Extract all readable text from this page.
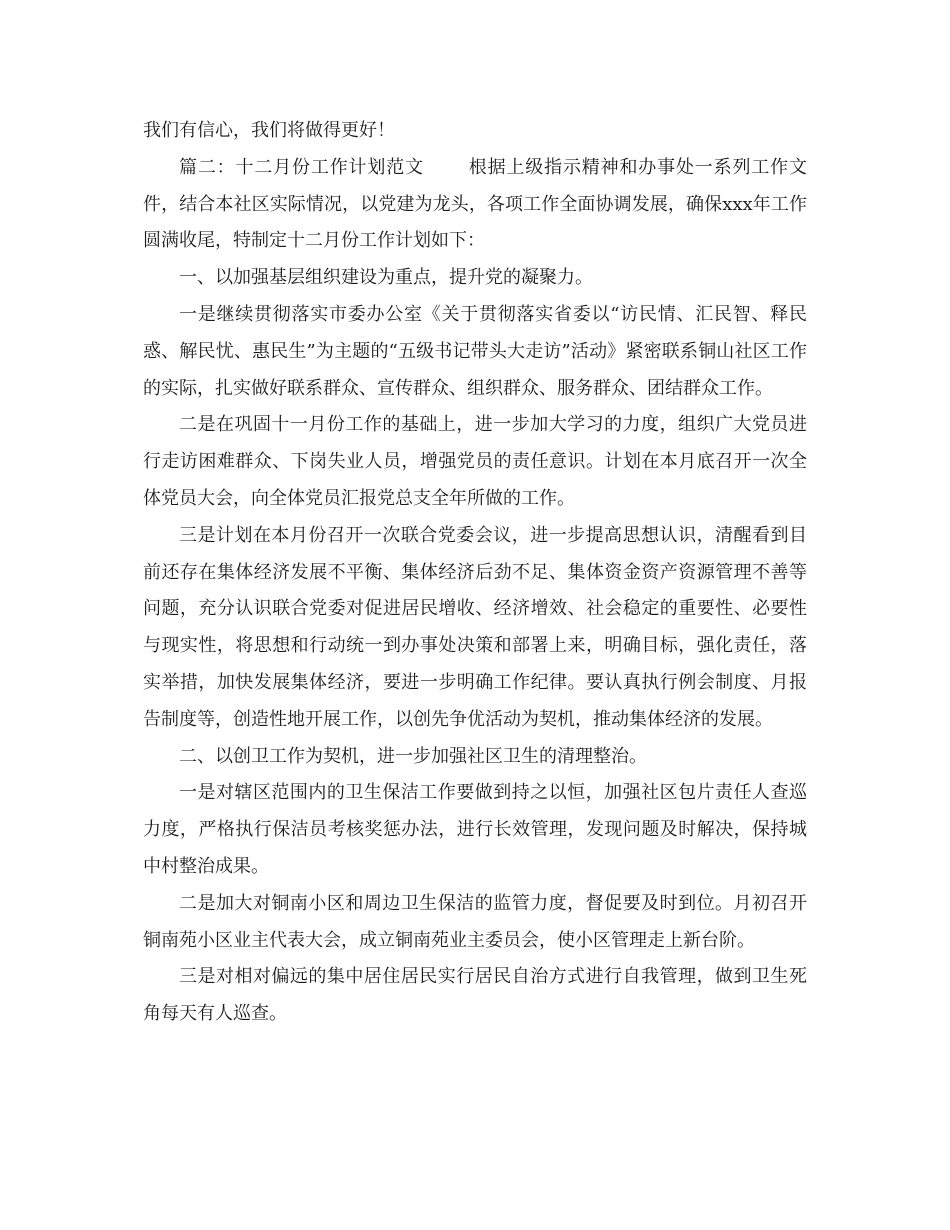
我们有信心，我们将做得更好！

篇二：十二月份工作计划范文 根据上级指示精神和办事处一系列工作文件，结合本社区实际情况，以党建为龙头，各项工作全面协调发展，确保xxx年工作圆满收尾，特制定十二月份工作计划如下：

一、以加强基层组织建设为重点，提升党的凝聚力。

一是继续贯彻落实市委办公室《关于贯彻落实省委以“访民情、汇民智、释民惑、解民忧、惠民生”为主题的“五级书记带头大走访”活动》紧密联系铜山社区工作的实际，扎实做好联系群众、宣传群众、组织群众、服务群众、团结群众工作。

二是在巩固十一月份工作的基础上，进一步加大学习的力度，组织广大党员进行走访困难群众、下岗失业人员，增强党员的责任意识。计划在本月底召开一次全体党员大会，向全体党员汇报党总支全年所做的工作。

三是计划在本月份召开一次联合党委会议，进一步提高思想认识，清醒看到目前还存在集体经济发展不平衡、集体经济后劲不足、集体资金资产资源管理不善等问题，充分认识联合党委对促进居民增收、经济增效、社会稳定的重要性、必要性与现实性，将思想和行动统一到办事处决策和部署上来，明确目标，强化责任，落实举措，加快发展集体经济，要进一步明确工作纪律。要认真执行例会制度、月报告制度等，创造性地开展工作，以创先争优活动为契机，推动集体经济的发展。

二、以创卫工作为契机，进一步加强社区卫生的清理整治。

一是对辖区范围内的卫生保洁工作要做到持之以恒，加强社区包片责任人查巡力度，严格执行保洁员考核奖惩办法，进行长效管理，发现问题及时解决，保持城中村整治成果。

二是加大对铜南小区和周边卫生保洁的监管力度，督促要及时到位。月初召开铜南苑小区业主代表大会，成立铜南苑业主委员会，使小区管理走上新台阶。

三是对相对偏远的集中居住居民实行居民自治方式进行自我管理，做到卫生死角每天有人巡查。
